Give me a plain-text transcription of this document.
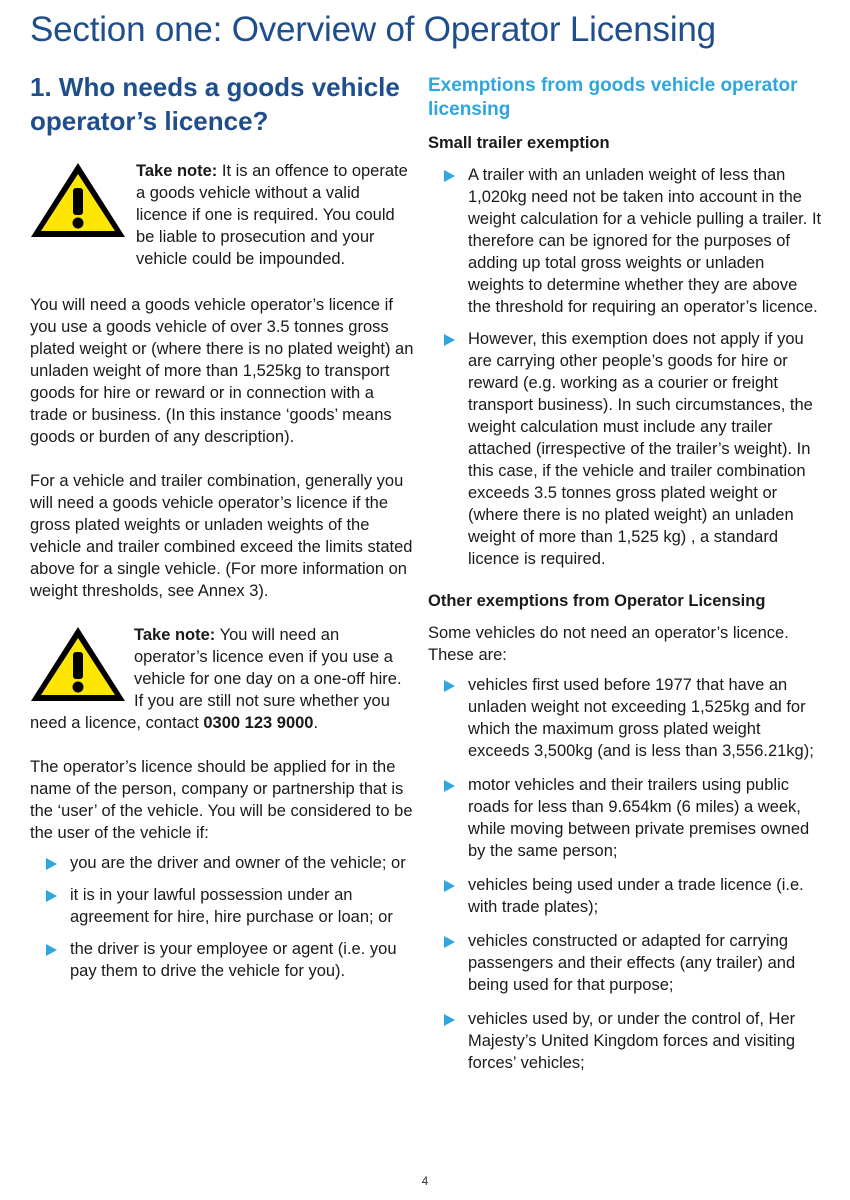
Section one: Overview of Operator Licensing
1. Who needs a goods vehicle operator’s licence?
Take note: It is an offence to operate a goods vehicle without a valid licence if one is required. You could be liable to prosecution and your vehicle could be impounded.

You will need a goods vehicle operator’s licence if you use a goods vehicle of over 3.5 tonnes gross plated weight or (where there is no plated weight) an unladen weight of more than 1,525kg to transport goods for hire or reward or in connection with a trade or business. (In this instance ‘goods’ means goods or burden of any description).

For a vehicle and trailer combination, generally you will need a goods vehicle operator’s licence if the gross plated weights or unladen weights of the vehicle and trailer combined exceed the limits stated above for a single vehicle. (For more information on weight thresholds, see Annex 3).

Take note: You will need an operator’s licence even if you use a vehicle for one day on a one-off hire. If you are still not sure whether you need a licence, contact 0300 123 9000.

The operator’s licence should be applied for in the name of the person, company or partnership that is the ‘user’ of the vehicle. You will be considered to be the user of the vehicle if:

you are the driver and owner of the vehicle; or
it is in your lawful possession under an agreement for hire, hire purchase or loan; or
the driver is your employee or agent (i.e. you pay them to drive the vehicle for you).
Exemptions from goods vehicle operator licensing
Small trailer exemption
A trailer with an unladen weight of less than 1,020kg need not be taken into account in the weight calculation for a vehicle pulling a trailer. It therefore can be ignored for the purposes of adding up total gross weights or unladen weights to determine whether they are above the threshold for requiring an operator’s licence.
However, this exemption does not apply if you are carrying other people’s goods for hire or reward (e.g. working as a courier or freight transport business). In such circumstances, the weight calculation must include any trailer attached (irrespective of the trailer’s weight). In this case, if the vehicle and trailer combination exceeds 3.5 tonnes gross plated weight or (where there is no plated weight) an unladen weight of more than 1,525 kg) , a standard licence is required.
Other exemptions from Operator Licensing

Some vehicles do not need an operator’s licence. These are:

vehicles first used before 1977 that have an unladen weight not exceeding 1,525kg and for which the maximum gross plated weight exceeds 3,500kg (and is less than 3,556.21kg);
motor vehicles and their trailers using public roads for less than 9.654km (6 miles) a week, while moving between private premises owned by the same person;
vehicles being used under a trade licence (i.e. with trade plates);
vehicles constructed or adapted for carrying passengers and their effects (any trailer) and being used for that purpose;
vehicles used by, or under the control of, Her Majesty’s United Kingdom forces and visiting forces’ vehicles;
4
